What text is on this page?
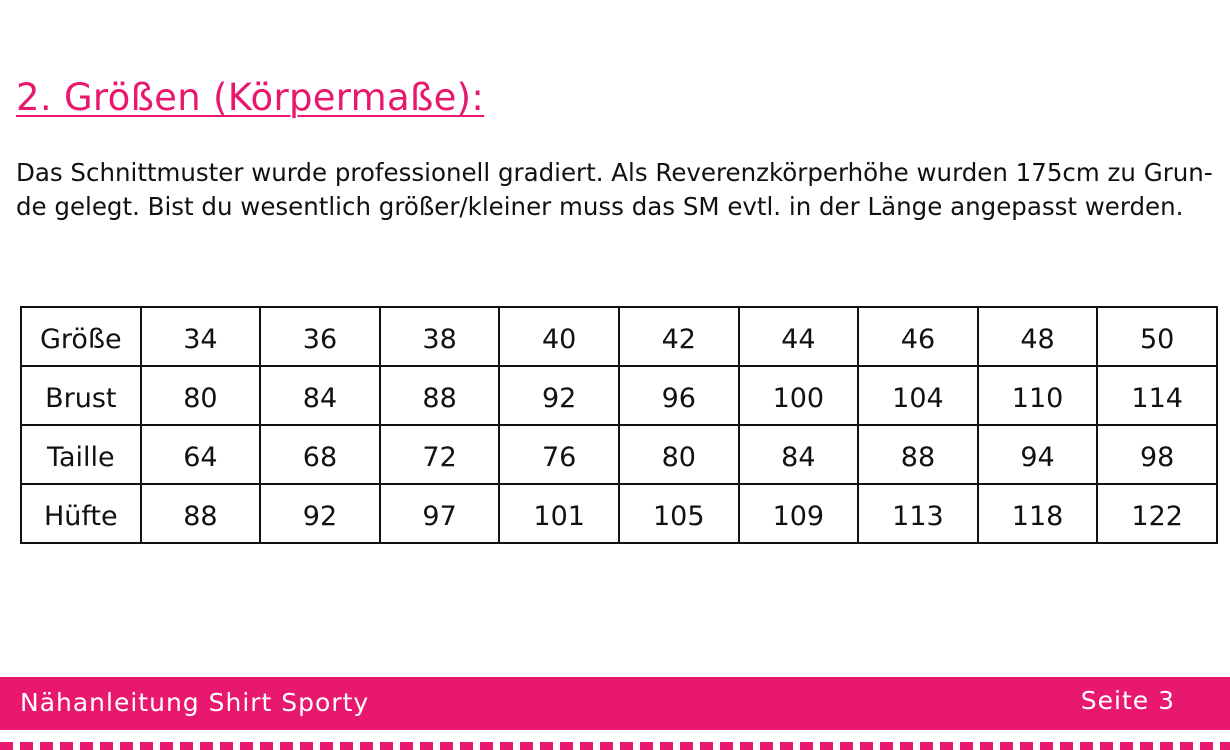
2. Größen (Körpermaße):

Das Schnittmuster wurde professionell gradiert. Als Reverenzkörperhöhe wurden 175cm zu Grun-
de gelegt. Bist du wesentlich größer/kleiner muss das SM evtl. in der Länge angepasst werden.

Größe	34	36	38	40	42	44	46	48	50
Brust	80	84	88	92	96	100	104	110	114
Taille	64	68	72	76	80	84	88	94	98
Hüfte	88	92	97	101	105	109	113	118	122
Nähanleitung Shirt Sporty	Seite 3
